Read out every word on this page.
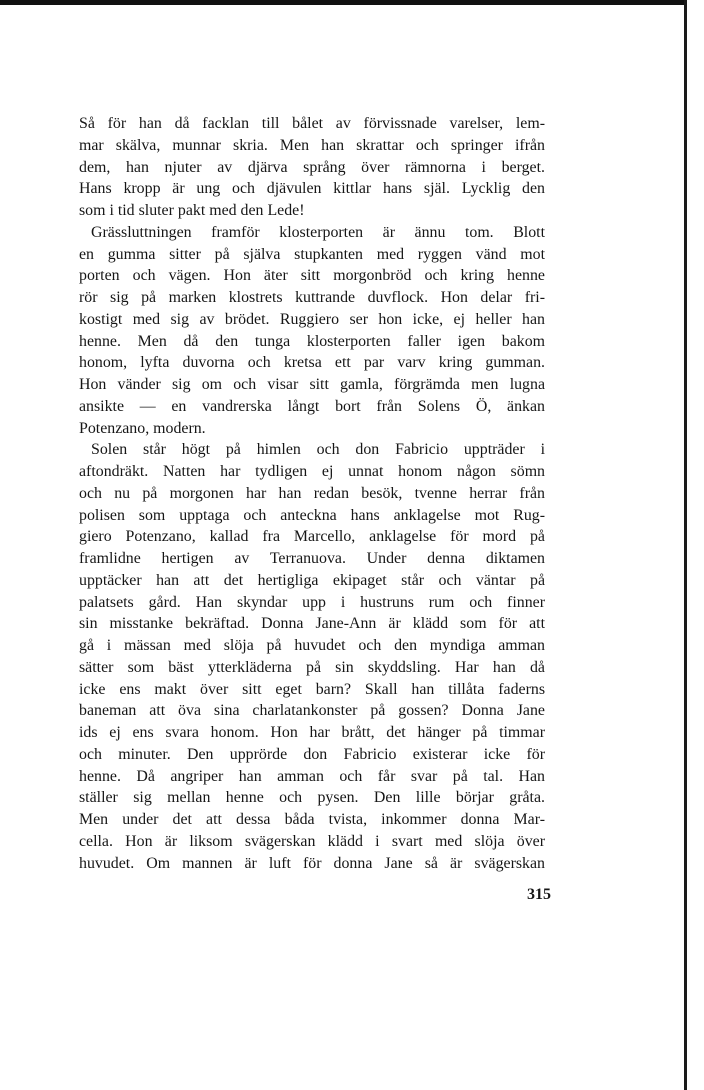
Så för han då facklan till bålet av förvissnade varelser, lem-
mar skälva, munnar skria. Men han skrattar och springer ifrån
dem, han njuter av djärva språng över rämnorna i berget.
Hans kropp är ung och djävulen kittlar hans själ. Lycklig den
som i tid sluter pakt med den Lede!
Grässluttningen framför klosterporten är ännu tom. Blott
en gumma sitter på själva stupkanten med ryggen vänd mot
porten och vägen. Hon äter sitt morgonbröd och kring henne
rör sig på marken klostrets kuttrande duvflock. Hon delar fri-
kostigt med sig av brödet. Ruggiero ser hon icke, ej heller han
henne. Men då den tunga klosterporten faller igen bakom
honom, lyfta duvorna och kretsa ett par varv kring gumman.
Hon vänder sig om och visar sitt gamla, förgrämda men lugna
ansikte — en vandrerska långt bort från Solens Ö, änkan
Potenzano, modern.
Solen står högt på himlen och don Fabricio uppträder i
aftondräkt. Natten har tydligen ej unnat honom någon sömn
och nu på morgonen har han redan besök, tvenne herrar från
polisen som upptaga och anteckna hans anklagelse mot Rug-
giero Potenzano, kallad fra Marcello, anklagelse för mord på
framlidne hertigen av Terranuova. Under denna diktamen
upptäcker han att det hertigliga ekipaget står och väntar på
palatsets gård. Han skyndar upp i hustruns rum och finner
sin misstanke bekräftad. Donna Jane-Ann är klädd som för att
gå i mässan med slöja på huvudet och den myndiga amman
sätter som bäst ytterkläderna på sin skyddsling. Har han då
icke ens makt över sitt eget barn? Skall han tillåta faderns
baneman att öva sina charlatankonster på gossen? Donna Jane
ids ej ens svara honom. Hon har brått, det hänger på timmar
och minuter. Den upprörde don Fabricio existerar icke för
henne. Då angriper han amman och får svar på tal. Han
ställer sig mellan henne och pysen. Den lille börjar gråta.
Men under det att dessa båda tvista, inkommer donna Mar-
cella. Hon är liksom svägerskan klädd i svart med slöja över
huvudet. Om mannen är luft för donna Jane så är svägerskan
315
